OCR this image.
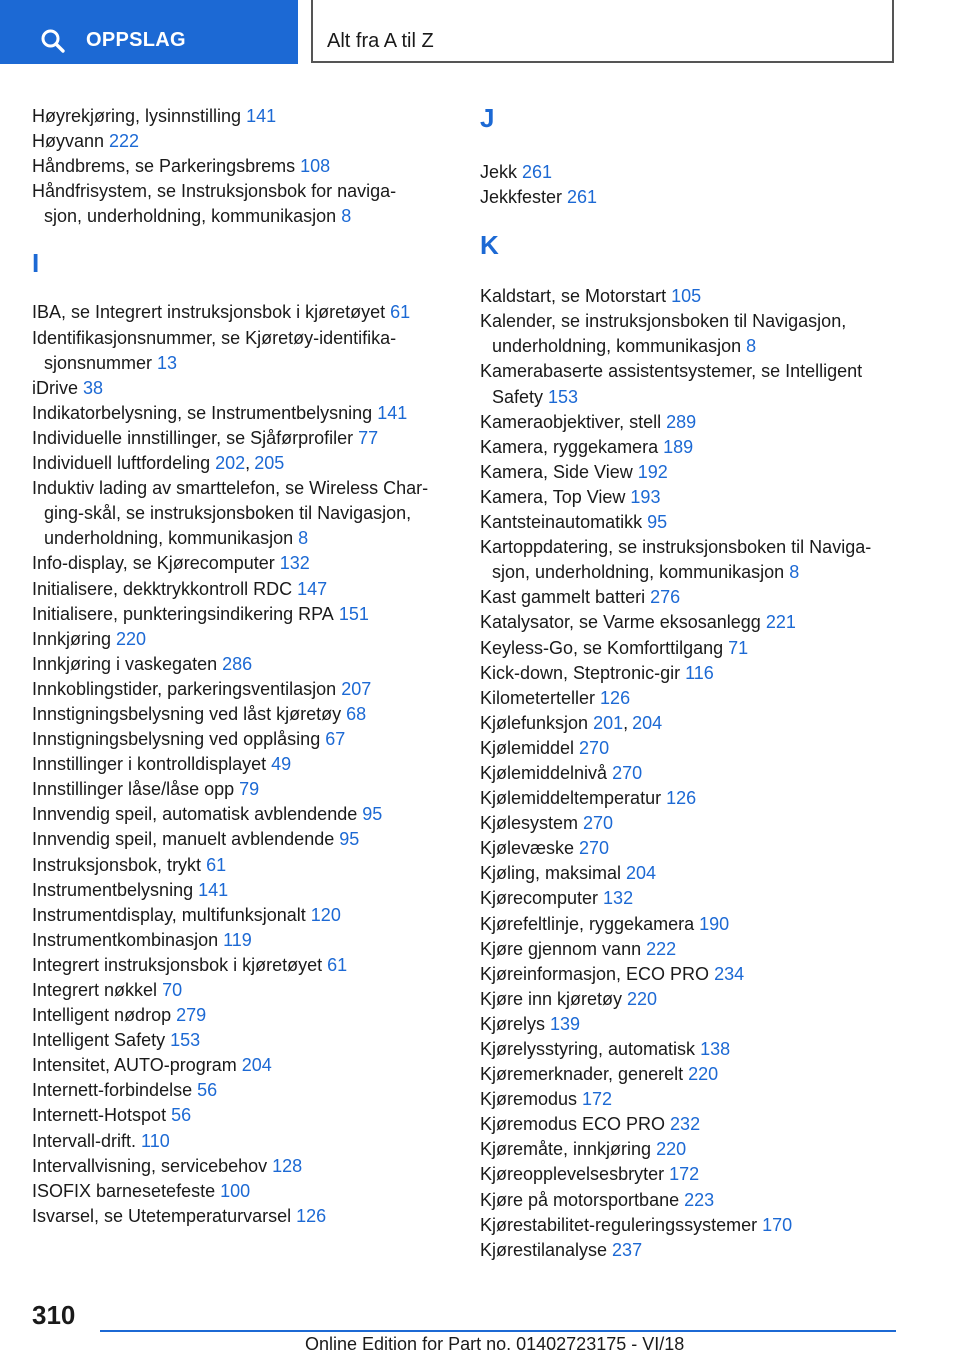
OPPSLAG	Alt fra A til Z
Høyrekjøring, lysinnstilling 141
Høyvann 222
Håndbrems, se Parkeringsbrems 108
Håndfrisystem, se Instruksjonsbok for naviga-

sjon, underholdning, kommunikasjon 8
I
IBA, se Integrert instruksjonsbok i kjøretøyet 61
Identifikasjonsnummer, se Kjøretøy-identifika-

sjonsnummer 13
iDrive 38
Indikatorbelysning, se Instrumentbelysning 141
Individuelle innstillinger, se Sjåførprofiler 77
Individuell luftfordeling 202, 205
Induktiv lading av smarttelefon, se Wireless Char-

ging-skål, se instruksjonsboken til Navigasjon,
underholdning, kommunikasjon 8
Info-display, se Kjørecomputer 132
Initialisere, dekktrykkontroll RDC 147
Initialisere, punkteringsindikering RPA 151
Innkjøring 220
Innkjøring i vaskegaten 286
Innkoblingstider, parkeringsventilasjon 207
Innstigningsbelysning ved låst kjøretøy 68
Innstigningsbelysning ved opplåsing 67
Innstillinger i kontrolldisplayet 49
Innstillinger låse/låse opp 79
Innvendig speil, automatisk avblendende 95
Innvendig speil, manuelt avblendende 95
Instruksjonsbok, trykt 61
Instrumentbelysning 141
Instrumentdisplay, multifunksjonalt 120
Instrumentkombinasjon 119
Integrert instruksjonsbok i kjøretøyet 61
Integrert nøkkel 70
Intelligent nødrop 279
Intelligent Safety 153
Intensitet, AUTO-program 204
Internett-forbindelse 56
Internett-Hotspot 56
Intervall-drift. 110
Intervallvisning, servicebehov 128
ISOFIX barnesetefeste 100
Isvarsel, se Utetemperaturvarsel 126
J
Jekk 261
Jekkfester 261
K
Kaldstart, se Motorstart 105
Kalender, se instruksjonsboken til Navigasjon,

underholdning, kommunikasjon 8
Kamerabaserte assistentsystemer, se Intelligent

Safety 153
Kameraobjektiver, stell 289
Kamera, ryggekamera 189
Kamera, Side View 192
Kamera, Top View 193
Kantsteinautomatikk 95
Kartoppdatering, se instruksjonsboken til Naviga-

sjon, underholdning, kommunikasjon 8
Kast gammelt batteri 276
Katalysator, se Varme eksosanlegg 221
Keyless-Go, se Komforttilgang 71
Kick-down, Steptronic-gir 116
Kilometerteller 126
Kjølefunksjon 201, 204
Kjølemiddel 270
Kjølemiddelnivå 270
Kjølemiddeltemperatur 126
Kjølesystem 270
Kjølevæske 270
Kjøling, maksimal 204
Kjørecomputer 132
Kjørefeltlinje, ryggekamera 190
Kjøre gjennom vann 222
Kjøreinformasjon, ECO PRO 234
Kjøre inn kjøretøy 220
Kjørelys 139
Kjørelysstyring, automatisk 138
Kjøremerknader, generelt 220
Kjøremodus 172
Kjøremodus ECO PRO 232
Kjøremåte, innkjøring 220
Kjøreopplevelsesbryter 172
Kjøre på motorsportbane 223
Kjørestabilitet-reguleringssystemer 170
Kjørestilanalyse 237
310
Online Edition for Part no. 01402723175 - VI/18
